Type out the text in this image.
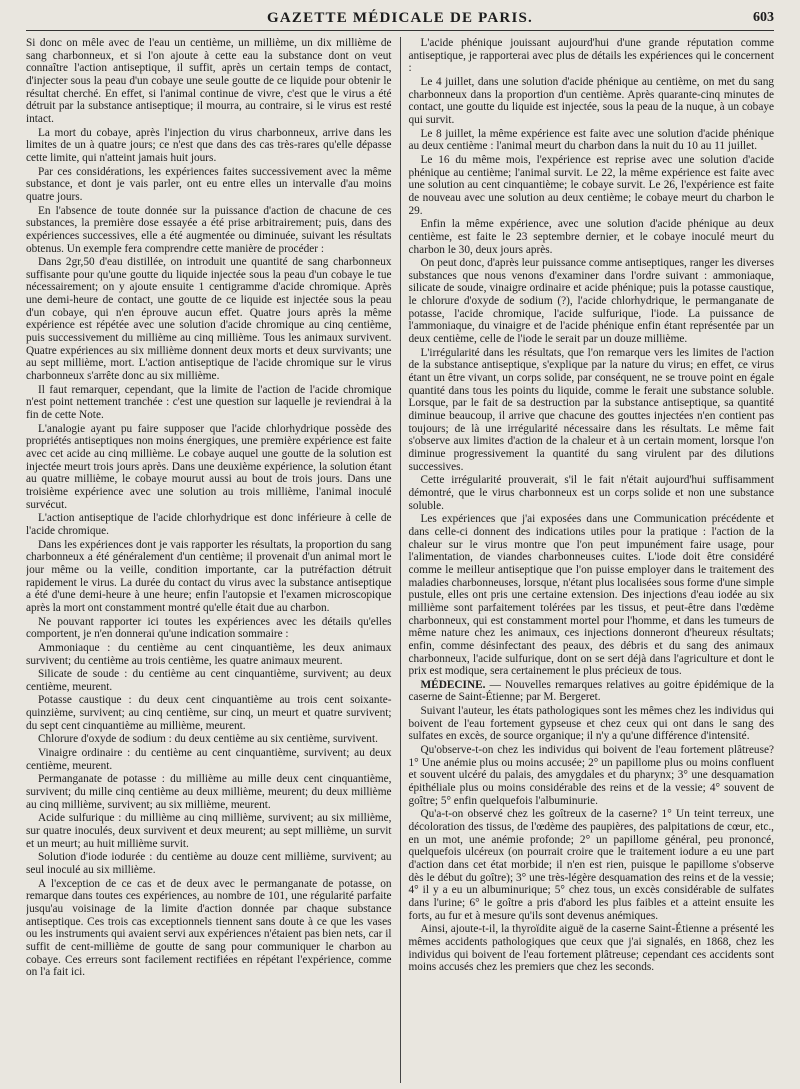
GAZETTE MÉDICALE DE PARIS.	603

Si donc on mêle avec de l'eau un centième, un millième, un dix millième de sang charbonneux, et si l'on ajoute à cette eau la substance dont on veut connaître l'action antiseptique, il suffit, après un certain temps de contact, d'injecter sous la peau d'un cobaye une seule goutte de ce liquide pour obtenir le résultat cherché. En effet, si l'animal continue de vivre, c'est que le virus a été détruit par la substance antiseptique; il mourra, au contraire, si le virus est resté intact.

La mort du cobaye, après l'injection du virus charbonneux, arrive dans les limites de un à quatre jours; ce n'est que dans des cas très-rares qu'elle dépasse cette limite, qui n'atteint jamais huit jours.

Par ces considérations, les expériences faites successivement avec la même substance, et dont je vais parler, ont eu entre elles un intervalle d'au moins quatre jours.

En l'absence de toute donnée sur la puissance d'action de chacune de ces substances, la première dose essayée a été prise arbitrairement; puis, dans des expériences successives, elle a été augmentée ou diminuée, suivant les résultats obtenus. Un exemple fera comprendre cette manière de procéder :

Dans 2gr,50 d'eau distillée, on introduit une quantité de sang charbonneux suffisante pour qu'une goutte du liquide injectée sous la peau d'un cobaye le tue nécessairement; on y ajoute ensuite 1 centigramme d'acide chromique. Après une demi-heure de contact, une goutte de ce liquide est injectée sous la peau d'un cobaye, qui n'en éprouve aucun effet. Quatre jours après la même expérience est répétée avec une solution d'acide chromique au cinq centième, puis successivement du millième au cinq millième. Tous les animaux survivent. Quatre expériences au six millième donnent deux morts et deux survivants; une au sept millième, mort. L'action antiseptique de l'acide chromique sur le virus charbonneux s'arrête donc au six millième.

Il faut remarquer, cependant, que la limite de l'action de l'acide chromique n'est point nettement tranchée : c'est une question sur laquelle je reviendrai à la fin de cette Note.

L'analogie ayant pu faire supposer que l'acide chlorhydrique possède des propriétés antiseptiques non moins énergiques, une première expérience est faite avec cet acide au cinq millième. Le cobaye auquel une goutte de la solution est injectée meurt trois jours après. Dans une deuxième expérience, la solution étant au quatre millième, le cobaye mourut aussi au bout de trois jours. Dans une troisième expérience avec une solution au trois millième, l'animal inoculé survécut.

L'action antiseptique de l'acide chlorhydrique est donc inférieure à celle de l'acide chromique.

Dans les expériences dont je vais rapporter les résultats, la proportion du sang charbonneux a été généralement d'un centième; il provenait d'un animal mort le jour même ou la veille, condition importante, car la putréfaction détruit rapidement le virus. La durée du contact du virus avec la substance antiseptique a été d'une demi-heure à une heure; enfin l'autopsie et l'examen microscopique après la mort ont constamment montré qu'elle était due au charbon.

Ne pouvant rapporter ici toutes les expériences avec les détails qu'elles comportent, je n'en donnerai qu'une indication sommaire :

Ammoniaque : du centième au cent cinquantième, les deux animaux survivent; du centième au trois centième, les quatre animaux meurent.

Silicate de soude : du centième au cent cinquantième, survivent; au deux centième, meurent.

Potasse caustique : du deux cent cinquantième au trois cent soixante-quinzième, survivent; au cinq centième, sur cinq, un meurt et quatre survivent; du sept cent cinquantième au millième, meurent.

Chlorure d'oxyde de sodium : du deux centième au six centième, survivent.

Vinaigre ordinaire : du centième au cent cinquantième, survivent; au deux centième, meurent.

Permanganate de potasse : du millième au mille deux cent cinquantième, survivent; du mille cinq centième au deux millième, meurent; du deux millième au cinq millième, survivent; au six millième, meurent.

Acide sulfurique : du millième au cinq millième, survivent; au six millième, sur quatre inoculés, deux survivent et deux meurent; au sept millième, un survit et un meurt; au huit millième survit.

Solution d'iode iodurée : du centième au douze cent millième, survivent; au seul inoculé au six millième.

A l'exception de ce cas et de deux avec le permanganate de potasse, on remarque dans toutes ces expériences, au nombre de 101, une régularité parfaite jusqu'au voisinage de la limite d'action donnée par chaque substance antiseptique. Ces trois cas exceptionnels tiennent sans doute à ce que les vases ou les instruments qui avaient servi aux expériences n'étaient pas bien nets, car il suffit de cent-millième de goutte de sang pour communiquer le charbon au cobaye. Ces erreurs sont facilement rectifiées en répétant l'expérience, comme on l'a fait ici.

L'acide phénique jouissant aujourd'hui d'une grande réputation comme antiseptique, je rapporterai avec plus de détails les expériences qui le concernent :

Le 4 juillet, dans une solution d'acide phénique au centième, on met du sang charbonneux dans la proportion d'un centième. Après quarante-cinq minutes de contact, une goutte du liquide est injectée, sous la peau de la nuque, à un cobaye qui survit.

Le 8 juillet, la même expérience est faite avec une solution d'acide phénique au deux centième : l'animal meurt du charbon dans la nuit du 10 au 11 juillet.

Le 16 du même mois, l'expérience est reprise avec une solution d'acide phénique au centième; l'animal survit. Le 22, la même expérience est faite avec une solution au cent cinquantième; le cobaye survit. Le 26, l'expérience est faite de nouveau avec une solution au deux centième; le cobaye meurt du charbon le 29.

Enfin la même expérience, avec une solution d'acide phénique au deux centième, est faite le 23 septembre dernier, et le cobaye inoculé meurt du charbon le 30, deux jours après.

On peut donc, d'après leur puissance comme antiseptiques, ranger les diverses substances que nous venons d'examiner dans l'ordre suivant : ammoniaque, silicate de soude, vinaigre ordinaire et acide phénique; puis la potasse caustique, le chlorure d'oxyde de sodium (?), l'acide chlorhydrique, le permanganate de potasse, l'acide chromique, l'acide sulfurique, l'iode. La puissance de l'ammoniaque, du vinaigre et de l'acide phénique enfin étant représentée par un deux centième, celle de l'iode le serait par un douze millième.

L'irrégularité dans les résultats, que l'on remarque vers les limites de l'action de la substance antiseptique, s'explique par la nature du virus; en effet, ce virus étant un être vivant, un corps solide, par conséquent, ne se trouve point en égale quantité dans tous les points du liquide, comme le ferait une substance soluble. Lorsque, par le fait de sa destruction par la substance antiseptique, sa quantité diminue beaucoup, il arrive que chacune des gouttes injectées n'en contient pas toujours; de là une irrégularité nécessaire dans les résultats. Le même fait s'observe aux limites d'action de la chaleur et à un certain moment, lorsque l'on diminue progressivement la quantité du sang virulent par des dilutions successives.

Cette irrégularité prouverait, s'il le fait n'était aujourd'hui suffisamment démontré, que le virus charbonneux est un corps solide et non une substance soluble.

Les expériences que j'ai exposées dans une Communication précédente et dans celle-ci donnent des indications utiles pour la pratique : l'action de la chaleur sur le virus montre que l'on peut impunément faire usage, pour l'alimentation, de viandes charbonneuses cuites. L'iode doit être considéré comme le meilleur antiseptique que l'on puisse employer dans le traitement des maladies charbonneuses, lorsque, n'étant plus localisées sous forme d'une simple pustule, elles ont pris une certaine extension. Des injections d'eau iodée au six millième sont parfaitement tolérées par les tissus, et peut-être dans l'œdème charbonneux, qui est constamment mortel pour l'homme, et dans les tumeurs de même nature chez les animaux, ces injections donneront d'heureux résultats; enfin, comme désinfectant des peaux, des débris et du sang des animaux charbonneux, l'acide sulfurique, dont on se sert déjà dans l'agriculture et dont le prix est modique, sera certainement le plus précieux de tous.

MÉDECINE. — Nouvelles remarques relatives au goitre épidémique de la caserne de Saint-Étienne; par M. Bergeret.

Suivant l'auteur, les états pathologiques sont les mêmes chez les individus qui boivent de l'eau fortement gypseuse et chez ceux qui ont dans le sang des sulfates en excès, de source organique; il n'y a qu'une différence d'intensité.

Qu'observe-t-on chez les individus qui boivent de l'eau fortement plâtreuse? 1° Une anémie plus ou moins accusée; 2° un papillome plus ou moins confluent et souvent ulcéré du palais, des amygdales et du pharynx; 3° une desquamation épithéliale plus ou moins considérable des reins et de la vessie; 4° souvent de goître; 5° enfin quelquefois l'albuminurie.

Qu'a-t-on observé chez les goîtreux de la caserne? 1° Un teint terreux, une décoloration des tissus, de l'œdème des paupières, des palpitations de cœur, etc., en un mot, une anémie profonde; 2° un papillome général, peu prononcé, quelquefois ulcéreux (on pourrait croire que le traitement iodure a eu une part d'action dans cet état morbide; il n'en est rien, puisque le papillome s'observe dès le début du goître); 3° une très-légère desquamation des reins et de la vessie; 4° il y a eu un albuminurique; 5° chez tous, un excès considérable de sulfates dans l'urine; 6° le goître a pris d'abord les plus faibles et a atteint ensuite les forts, au fur et à mesure qu'ils sont devenus anémiques.

Ainsi, ajoute-t-il, la thyroïdite aiguë de la caserne Saint-Étienne a présenté les mêmes accidents pathologiques que ceux que j'ai signalés, en 1868, chez les individus qui boivent de l'eau fortement plâtreuse; cependant ces accidents sont moins accusés chez les premiers que chez les seconds.
